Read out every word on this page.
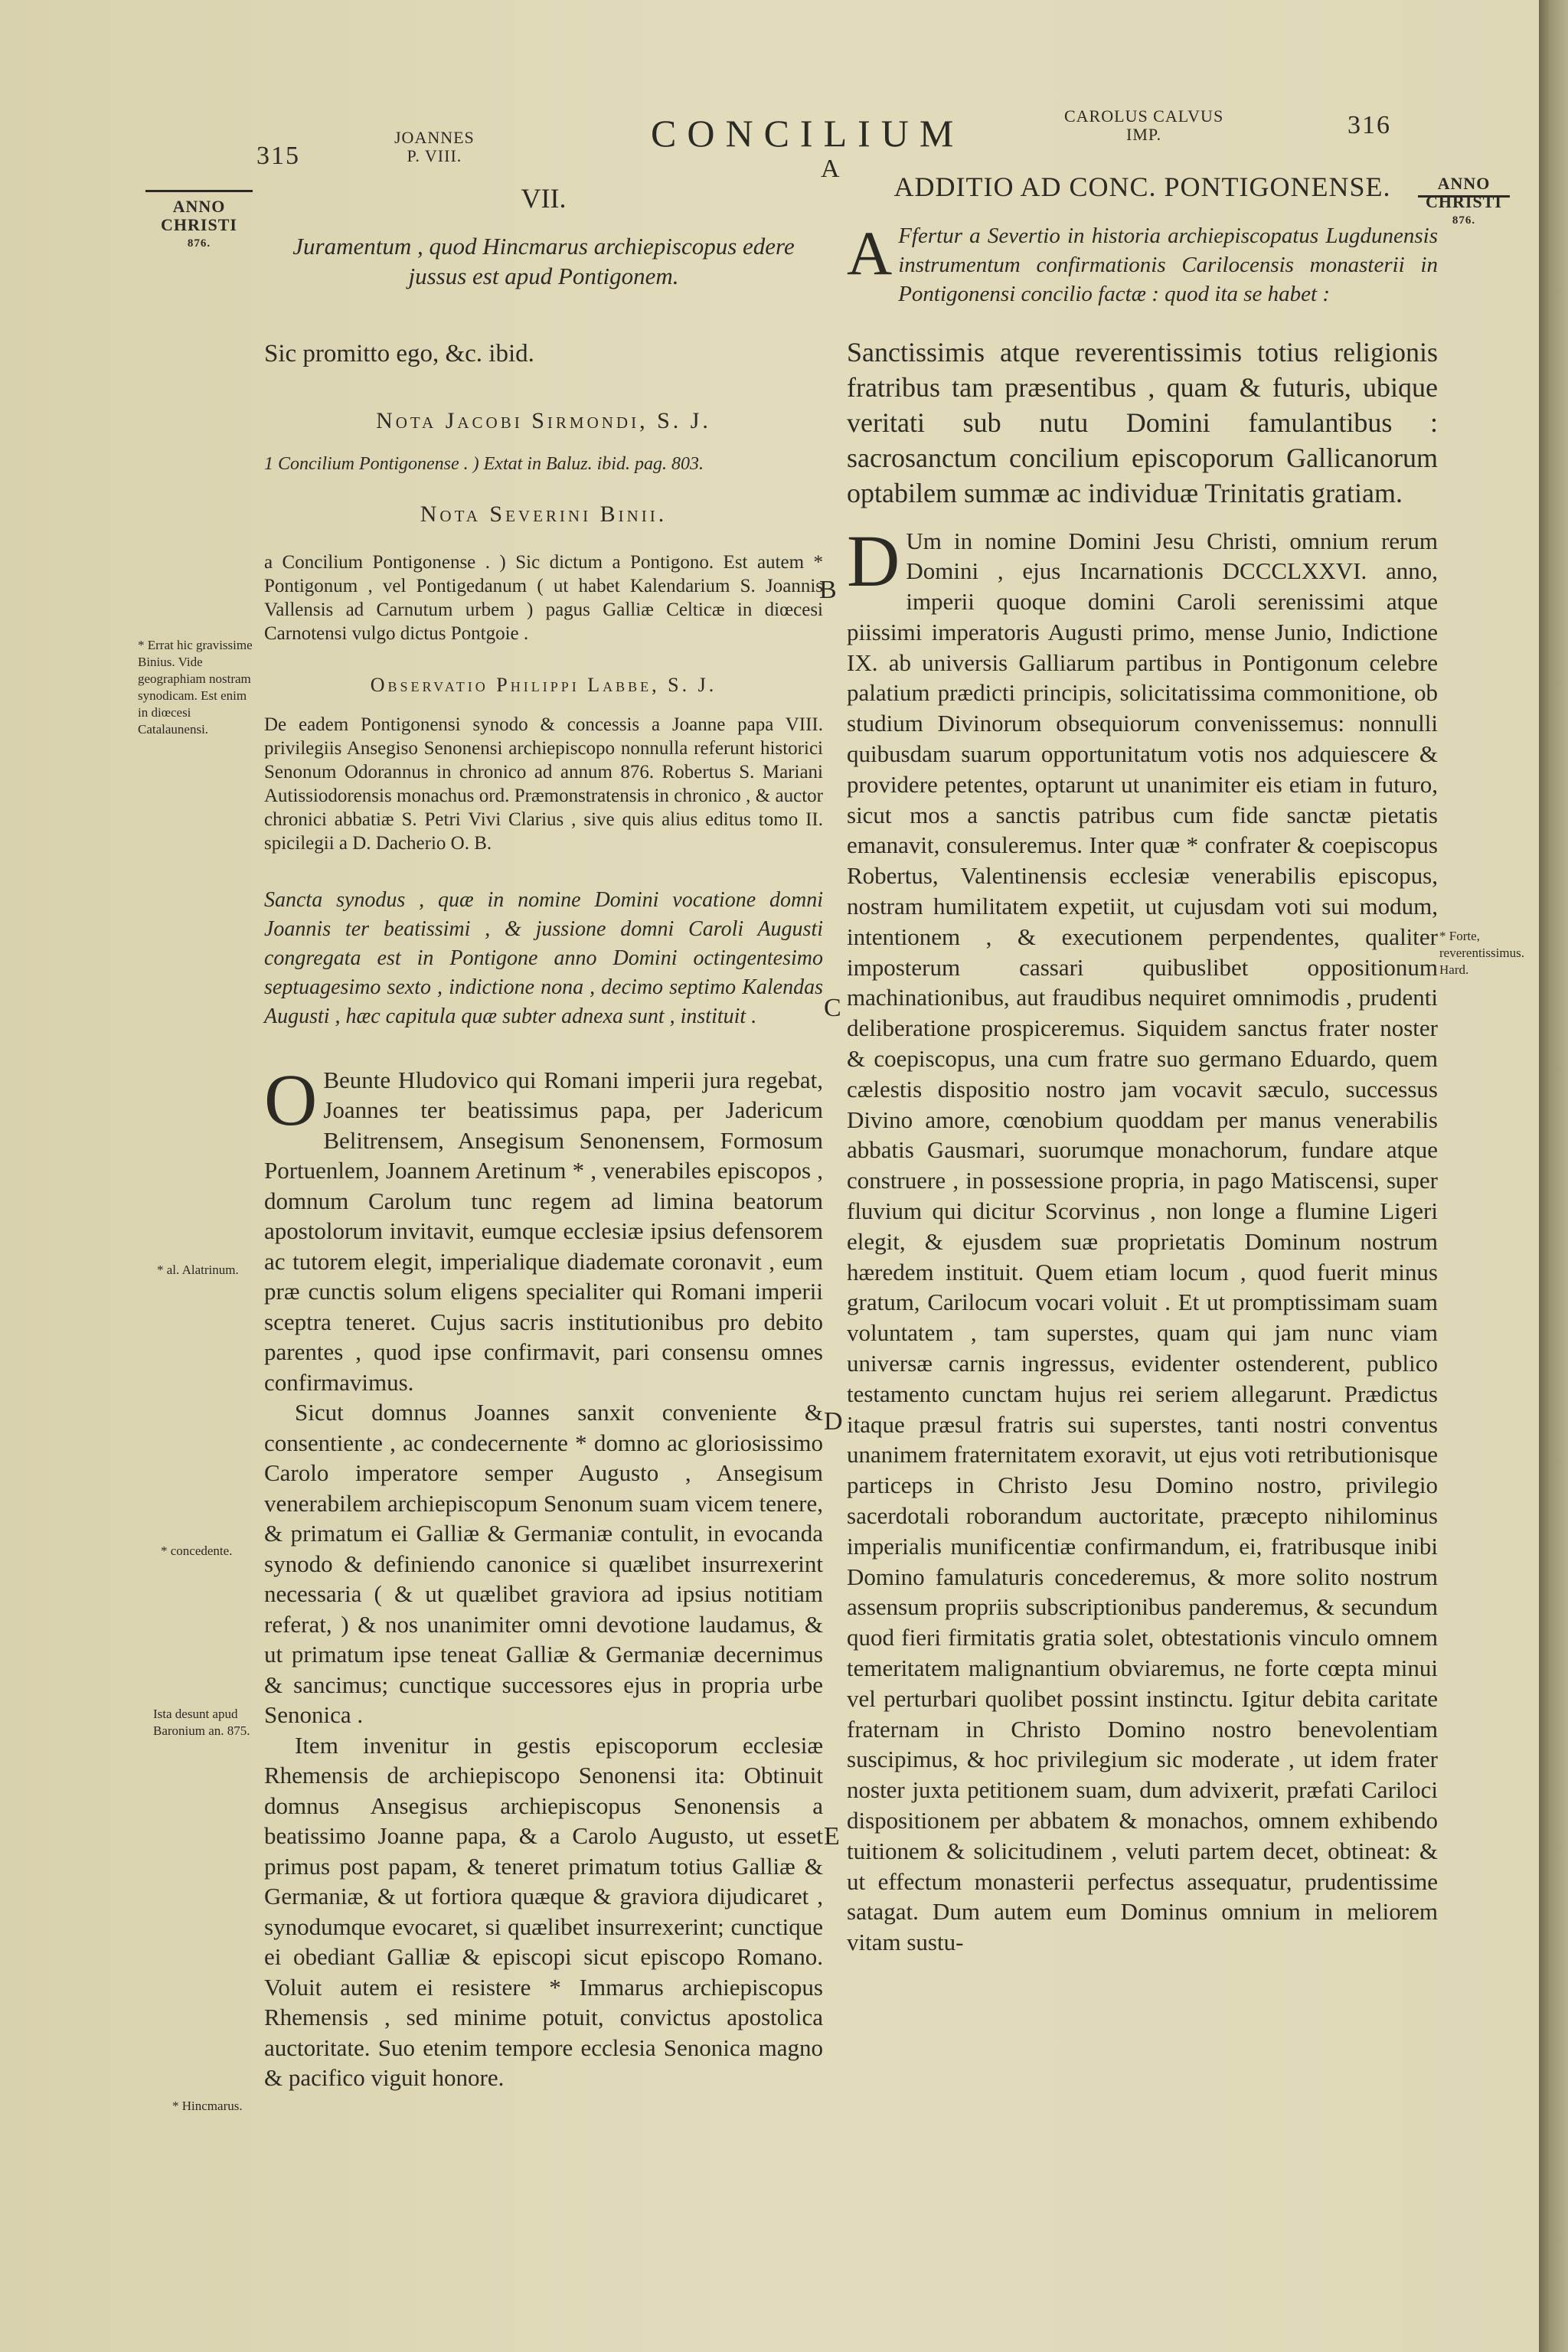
315
JOANNES
P. VIII.
CONCILIUM	CAROLUS CALVUS
IMP.	316
A
ANNO
CHRISTI
876.
ANNO
CHRISTI
876.
VII.

Juramentum , quod Hincmarus archiepiscopus edere jussus est apud Pontigonem.

Sic promitto ego, &c. ibid.

Nota Jacobi Sirmondi, S. J.

1 Concilium Pontigonense . ) Extat in Baluz. ibid. pag. 803.

Nota Severini Binii.

a Concilium Pontigonense . ) Sic dictum a Pontigono. Est autem * Pontigonum , vel Pontigedanum ( ut habet Kalendarium S. Joannis Vallensis ad Carnutum urbem ) pagus Galliæ Celticæ in diœcesi Carnotensi vulgo dictus Pontgoie .

Observatio Philippi Labbe, S. J.

De eadem Pontigonensi synodo & concessis a Joanne papa VIII. privilegiis Ansegiso Senonensi archiepiscopo nonnulla referunt historici Senonum Odorannus in chronico ad annum 876. Robertus S. Mariani Autissiodorensis monachus ord. Præmonstratensis in chronico , & auctor chronici abbatiæ S. Petri Vivi Clarius , sive quis alius editus tomo II. spicilegii a D. Dacherio O. B.

Sancta synodus , quæ in nomine Domini vocatione domni Joannis ter beatissimi , & jussione domni Caroli Augusti congregata est in Pontigone anno Domini octingentesimo septuagesimo sexto , indictione nona , decimo septimo Kalendas Augusti , hæc capitula quæ subter adnexa sunt , instituit .

O Beunte Hludovico qui Romani imperii jura regebat, Joannes ter beatissimus papa, per Jadericum Belitrensem, Ansegisum Senonensem, Formosum Portuenlem, Joannem Aretinum * , venerabiles episcopos , domnum Carolum tunc regem ad limina beatorum apostolorum invitavit, eumque ecclesiæ ipsius defensorem ac tutorem elegit, imperialique diademate coronavit , eum præ cunctis solum eligens specialiter qui Romani imperii sceptra teneret. Cujus sacris institutionibus pro debito parentes , quod ipse confirmavit, pari consensu omnes confirmavimus.

Sicut domnus Joannes sanxit conveniente & consentiente , ac condecernente * domno ac gloriosissimo Carolo imperatore semper Augusto , Ansegisum venerabilem archiepiscopum Senonum suam vicem tenere, & primatum ei Galliæ & Germaniæ contulit, in evocanda synodo & definiendo canonice si quælibet insurrexerint necessaria ( & ut quælibet graviora ad ipsius notitiam referat, ) & nos unanimiter omni devotione laudamus, & ut primatum ipse teneat Galliæ & Germaniæ decernimus & sancimus; cunctique successores ejus in propria urbe Senonica .

Item invenitur in gestis episcoporum ecclesiæ Rhemensis de archiepiscopo Senonensi ita: Obtinuit domnus Ansegisus archiepiscopus Senonensis a beatissimo Joanne papa, & a Carolo Augusto, ut esset primus post papam, & teneret primatum totius Galliæ & Germaniæ, & ut fortiora quæque & graviora dijudicaret , synodumque evocaret, si quælibet insurrexerint; cunctique ei obediant Galliæ & episcopi sicut episcopo Romano. Voluit autem ei resistere * Immarus archiepiscopus Rhemensis , sed minime potuit, convictus apostolica auctoritate. Suo etenim tempore ecclesia Senonica magno & pacifico viguit honore.

* Errat hic gravissime Binius. Vide geographiam nostram synodicam. Est enim in diœcesi Catalaunensi.
* al. Alatrinum.
* concedente.
Ista desunt apud Baronium an. 875.
* Hincmarus.
B
C
D
E
ADDITIO AD CONC. PONTIGONENSE.

A Ffertur a Severtio in historia archiepiscopatus Lugdunensis instrumentum confirmationis Carilocensis monasterii in Pontigonensi concilio factæ : quod ita se habet :

Sanctissimis atque reverentissimis totius religionis fratribus tam præsentibus , quam & futuris, ubique veritati sub nutu Domini famulantibus : sacrosanctum concilium episcoporum Gallicanorum optabilem summæ ac individuæ Trinitatis gratiam.

D Um in nomine Domini Jesu Christi, omnium rerum Domini , ejus Incarnationis DCCCLXXVI. anno, imperii quoque domini Caroli serenissimi atque piissimi imperatoris Augusti primo, mense Junio, Indictione IX. ab universis Galliarum partibus in Pontigonum celebre palatium prædicti principis, solicitatissima commonitione, ob studium Divinorum obsequiorum convenissemus: nonnulli quibusdam suarum opportunitatum votis nos adquiescere & providere petentes, optarunt ut unanimiter eis etiam in futuro, sicut mos a sanctis patribus cum fide sanctæ pietatis emanavit, consuleremus. Inter quæ * confrater & coepiscopus Robertus, Valentinensis ecclesiæ venerabilis episcopus, nostram humilitatem expetiit, ut cujusdam voti sui modum, intentionem , & executionem perpendentes, qualiter imposterum cassari quibuslibet oppositionum machinationibus, aut fraudibus nequiret omnimodis , prudenti deliberatione prospiceremus. Siquidem sanctus frater noster & coepiscopus, una cum fratre suo germano Eduardo, quem cælestis dispositio nostro jam vocavit sæculo, successus Divino amore, cœnobium quoddam per manus venerabilis abbatis Gausmari, suorumque monachorum, fundare atque construere , in possessione propria, in pago Matiscensi, super fluvium qui dicitur Scorvinus , non longe a flumine Ligeri elegit, & ejusdem suæ proprietatis Dominum nostrum hæredem instituit. Quem etiam locum , quod fuerit minus gratum, Carilocum vocari voluit . Et ut promptissimam suam voluntatem , tam superstes, quam qui jam nunc viam universæ carnis ingressus, evidenter ostenderent, publico testamento cunctam hujus rei seriem allegarunt. Prædictus itaque præsul fratris sui superstes, tanti nostri conventus unanimem fraternitatem exoravit, ut ejus voti retributionisque particeps in Christo Jesu Domino nostro, privilegio sacerdotali roborandum auctoritate, præcepto nihilominus imperialis munificentiæ confirmandum, ei, fratribusque inibi Domino famulaturis concederemus, & more solito nostrum assensum propriis subscriptionibus panderemus, & secundum quod fieri firmitatis gratia solet, obtestationis vinculo omnem temeritatem malignantium obviaremus, ne forte cœpta minui vel perturbari quolibet possint instinctu. Igitur debita caritate fraternam in Christo Domino nostro benevolentiam suscipimus, & hoc privilegium sic moderate , ut idem frater noster juxta petitionem suam, dum advixerit, præfati Cariloci dispositionem per abbatem & monachos, omnem exhibendo tuitionem & solicitudinem , veluti partem decet, obtineat: & ut effectum monasterii perfectus assequatur, prudentissime satagat. Dum autem eum Dominus omnium in meliorem vitam sustu-

* Forte, reverentissimus. Hard.
